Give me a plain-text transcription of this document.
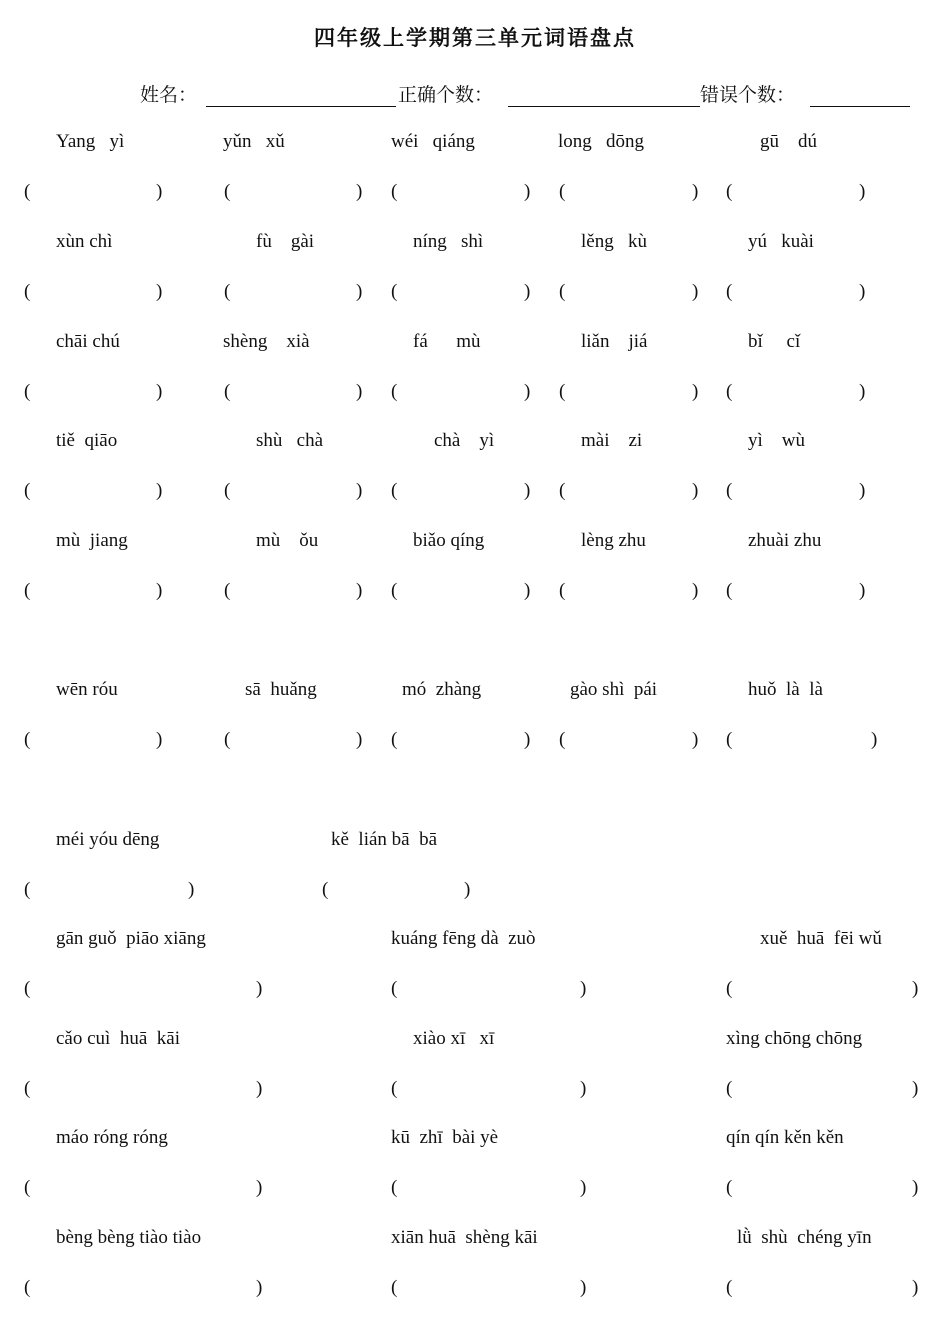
四年级上学期第三单元词语盘点
姓名：	正确个数：	错误个数：
Yang   yì
(	)
yǔn   xǔ
(	)
wéi   qiáng
(	)
long   dōng
(	)
gū    dú
(	)
xùn chì
(	)
fù    gài
(	)
níng   shì
(	)
lěng   kù
(	)
yú   kuài
(	)
chāi chú
(	)
shèng    xià
(	)
fá      mù
(	)
liǎn    jiá
(	)
bǐ     cǐ
(	)
tiě  qiāo
(	)
shù   chà
(	)
chà    yì
(	)
mài    zi
(	)
yì    wù
(	)
mù  jiang
(	)
mù    ǒu
(	)
biǎo qíng
(	)
lèng zhu
(	)
zhuài zhu
(	)
wēn róu
(	)
sā  huǎng
(	)
mó  zhàng
(	)
gào shì  pái
(	)
huǒ  là  là
(	)
méi yóu dēng
(	)
kě  lián bā  bā
(	)
gān guǒ  piāo xiāng
(	)
kuáng fēng dà  zuò
(	)
xuě  huā  fēi wǔ
(	)
cǎo cuì  huā  kāi
(	)
xiào xī   xī
(	)
xìng chōng chōng
(	)
máo róng róng
(	)
kū  zhī  bài yè
(	)
qín qín kěn kěn
(	)
bèng bèng tiào tiào
(	)
xiān huā  shèng kāi
(	)
lǜ  shù  chéng yīn
(	)
